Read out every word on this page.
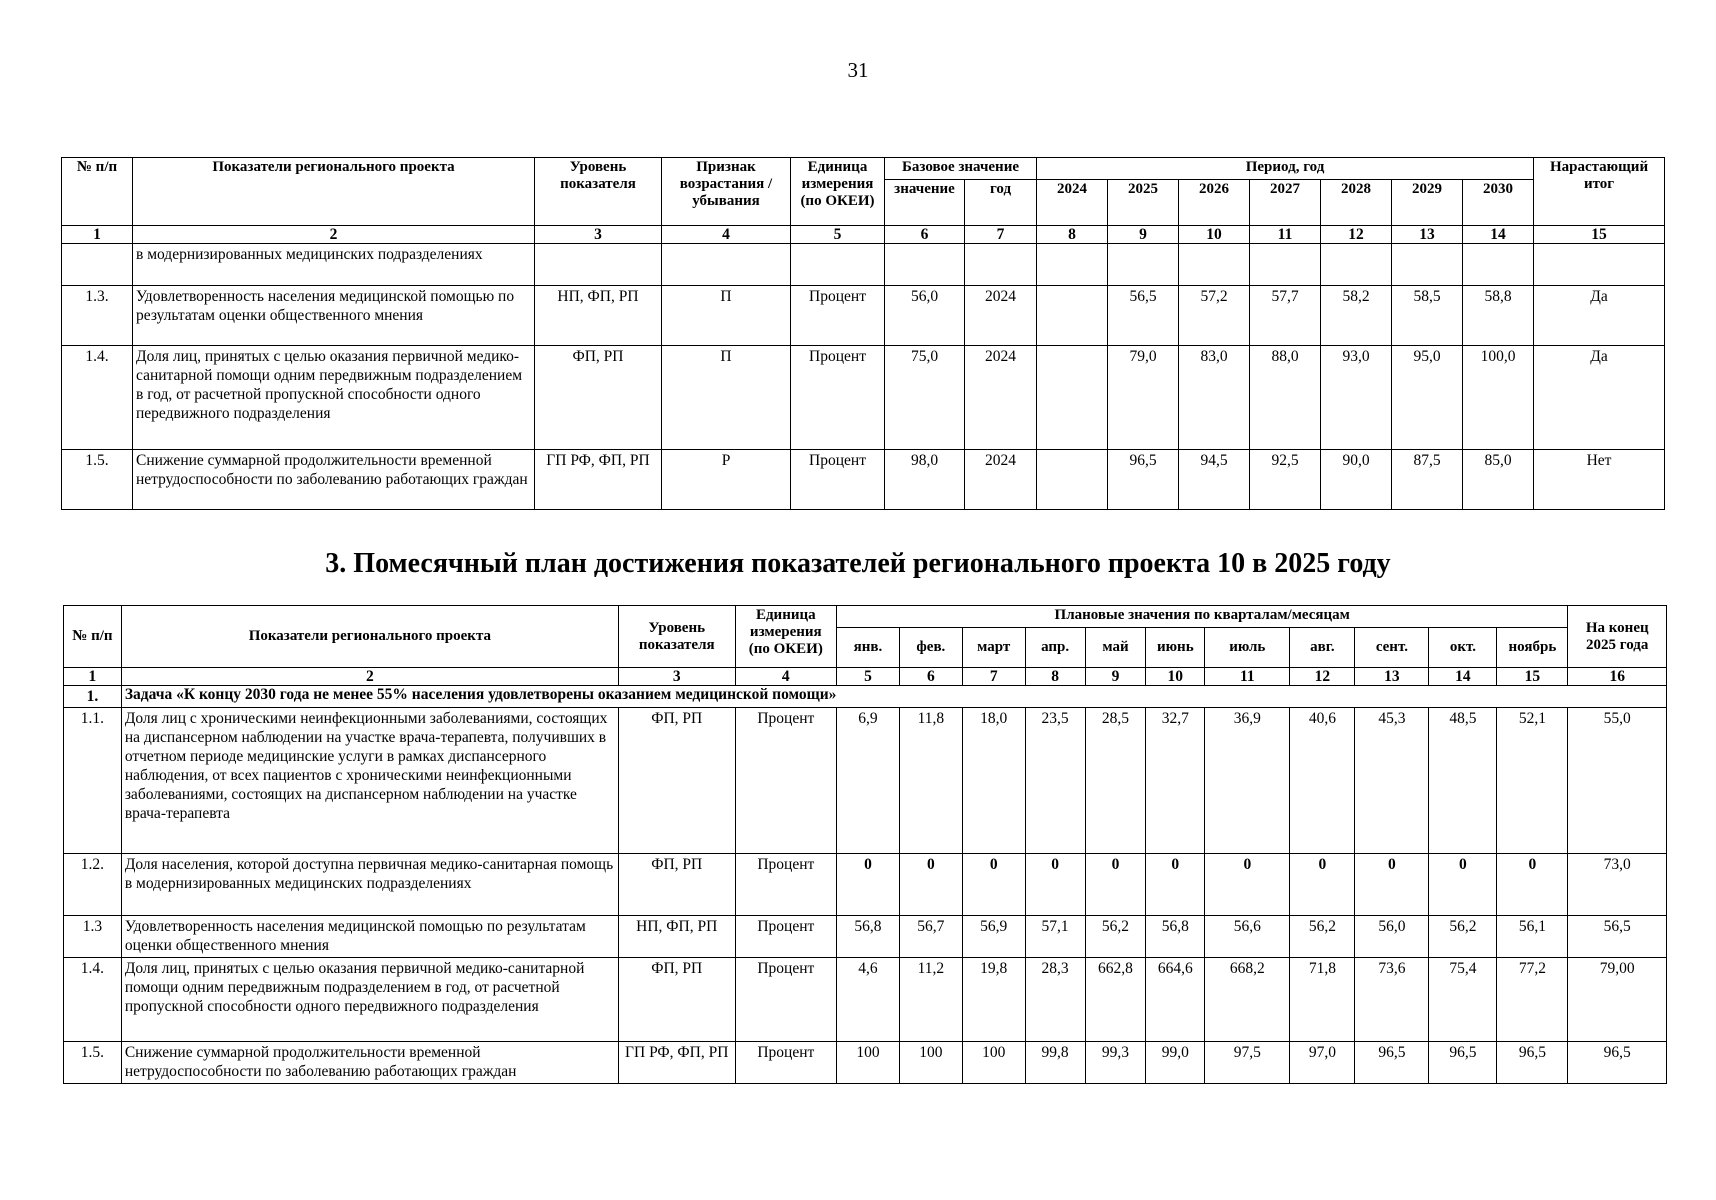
31
№ п/п	Показатели регионального проекта	Уровень показателя	Признак возрастания / убывания	Единица измерения (по ОКЕИ)	Базовое значение		Период, год							Нарастающий итог
					значение	год	2024	2025	2026	2027	2028	2029	2030	
1	2	3	4	5	6	7	8	9	10	11	12	13	14	15
	в модернизированных медицинских подразделениях													
1.3.	Удовлетворенность населения медицинской помощью по результатам оценки общественного мнения	НП, ФП, РП	П	Процент	56,0	2024		56,5	57,2	57,7	58,2	58,5	58,8	Да
1.4.	Доля лиц, принятых с целью оказания первичной медико-санитарной помощи одним передвижным подразделением в год, от расчетной пропускной способности одного передвижного подразделения	ФП, РП	П	Процент	75,0	2024		79,0	83,0	88,0	93,0	95,0	100,0	Да
1.5.	Снижение суммарной продолжительности временной нетрудоспособности по заболеванию работающих граждан	ГП РФ, ФП, РП	Р	Процент	98,0	2024		96,5	94,5	92,5	90,0	87,5	85,0	Нет
3. Помесячный план достижения показателей регионального проекта 10 в 2025 году
№ п/п	Показатели регионального проекта	Уровень показателя	Единица измерения (по ОКЕИ)	Плановые значения по кварталам/месяцам											На конец 2025 года
				янв.	фев.	март	апр.	май	июнь	июль	авг.	сент.	окт.	ноябрь	
1	2	3	4	5	6	7	8	9	10	11	12	13	14	15	16
1.	Задача «К концу 2030 года не менее 55% населения удовлетворены оказанием медицинской помощи»														
1.1.	Доля лиц с хроническими неинфекционными заболеваниями, состоящих на диспансерном наблюдении на участке врача-терапевта, получивших в отчетном периоде медицинские услуги в рамках диспансерного наблюдения, от всех пациентов с хроническими неинфекционными заболеваниями, состоящих на диспансерном наблюдении на участке врача-терапевта	ФП, РП	Процент	6,9	11,8	18,0	23,5	28,5	32,7	36,9	40,6	45,3	48,5	52,1	55,0
1.2.	Доля населения, которой доступна первичная медико-санитарная помощь в модернизированных медицинских подразделениях	ФП, РП	Процент	0	0	0	0	0	0	0	0	0	0	0	73,0
1.3	Удовлетворенность населения медицинской помощью по результатам оценки общественного мнения	НП, ФП, РП	Процент	56,8	56,7	56,9	57,1	56,2	56,8	56,6	56,2	56,0	56,2	56,1	56,5
1.4.	Доля лиц, принятых с целью оказания первичной медико-санитарной помощи одним передвижным подразделением в год, от расчетной пропускной способности одного передвижного подразделения	ФП, РП	Процент	4,6	11,2	19,8	28,3	662,8	664,6	668,2	71,8	73,6	75,4	77,2	79,00
1.5.	Снижение суммарной продолжительности временной нетрудоспособности по заболеванию работающих граждан	ГП РФ, ФП, РП	Процент	100	100	100	99,8	99,3	99,0	97,5	97,0	96,5	96,5	96,5	96,5
